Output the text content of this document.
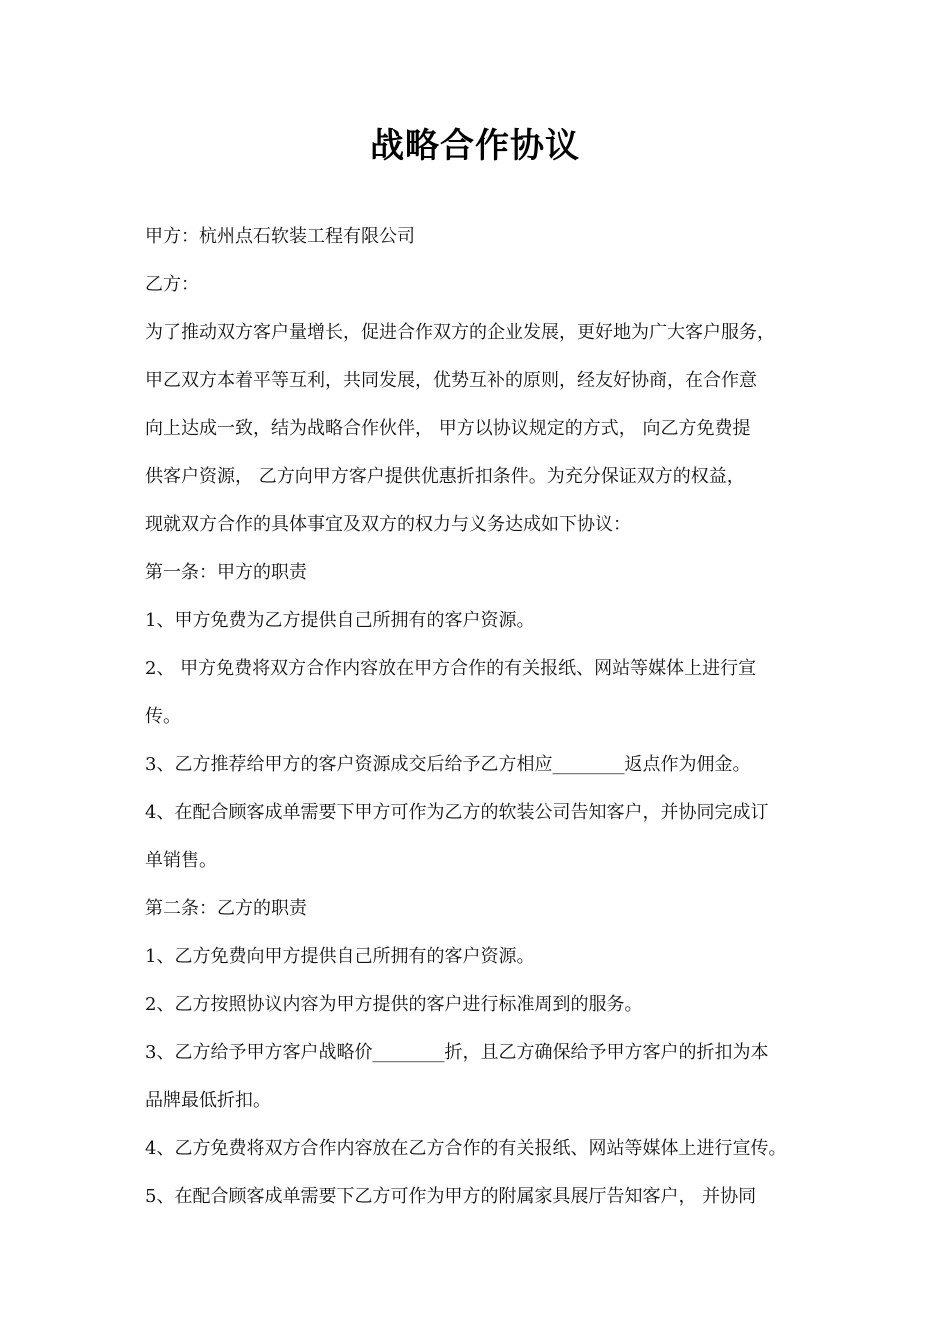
战略合作协议
甲方：杭州点石软装工程有限公司
乙方：
为了推动双方客户量增长，促进合作双方的企业发展，更好地为广大客户服务，
甲乙双方本着平等互利，共同发展，优势互补的原则，经友好协商，在合作意
向上达成一致，结为战略合作伙伴， 甲方以协议规定的方式， 向乙方免费提
供客户资源， 乙方向甲方客户提供优惠折扣条件。为充分保证双方的权益，
现就双方合作的具体事宜及双方的权力与义务达成如下协议：
第一条：甲方的职责
1、甲方免费为乙方提供自己所拥有的客户资源。
2、 甲方免费将双方合作内容放在甲方合作的有关报纸、网站等媒体上进行宣
传。
3、乙方推荐给甲方的客户资源成交后给予乙方相应________返点作为佣金。
4、在配合顾客成单需要下甲方可作为乙方的软装公司告知客户，并协同完成订
单销售。
第二条：乙方的职责
1、乙方免费向甲方提供自己所拥有的客户资源。
2、乙方按照协议内容为甲方提供的客户进行标准周到的服务。
3、乙方给予甲方客户战略价________折，且乙方确保给予甲方客户的折扣为本
品牌最低折扣。
4、乙方免费将双方合作内容放在乙方合作的有关报纸、网站等媒体上进行宣传。
5、在配合顾客成单需要下乙方可作为甲方的附属家具展厅告知客户， 并协同
